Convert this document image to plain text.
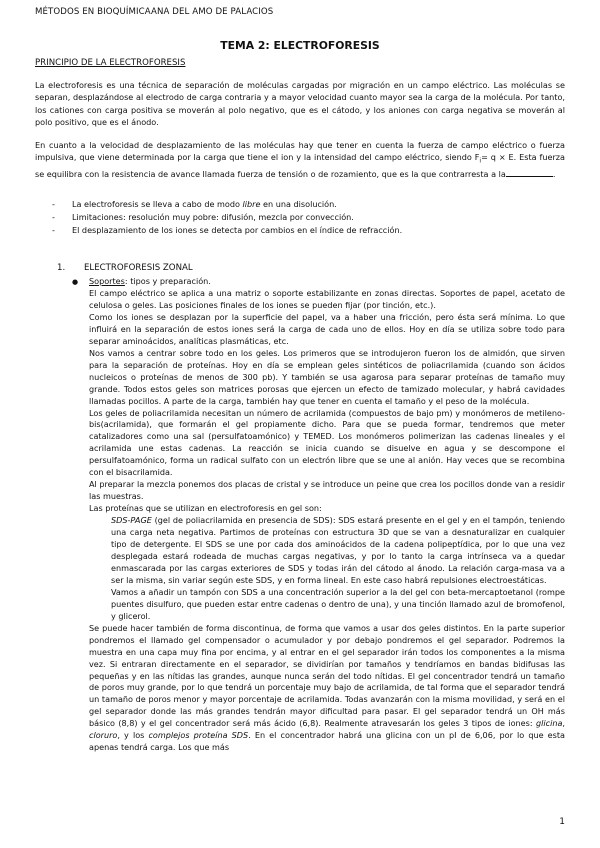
MÉTODOS EN BIOQUÍMICAANA DEL AMO DE PALACIOS
TEMA 2: ELECTROFORESIS
PRINCIPIO DE LA ELECTROFORESIS

La electroforesis es una técnica de separación de moléculas cargadas por migración en un campo eléctrico. Las moléculas se separan, desplazándose al electrodo de carga contraria y a mayor velocidad cuanto mayor sea la carga de la molécula. Por tanto, los cationes con carga positiva se moverán al polo negativo, que es el cátodo, y los aniones con carga negativa se moverán al polo positivo, que es el ánodo.

En cuanto a la velocidad de desplazamiento de las moléculas hay que tener en cuenta la fuerza de campo eléctrico o fuerza impulsiva, que viene determinada por la carga que tiene el ion y la intensidad del campo eléctrico, siendo $F_i= q \times E$. Esta fuerza se equilibra con la resistencia de avance llamada fuerza de tensión o de rozamiento, que es la que contrarresta a la	.

- La electroforesis se lleva a cabo de modo libre en una disolución.
- Limitaciones: resolución muy pobre: difusión, mezcla por convección.
- El desplazamiento de los iones se detecta por cambios en el índice de refracción.
1. ELECTROFORESIS ZONAL
● Soportes: tipos y preparación.

El campo eléctrico se aplica a una matriz o soporte estabilizante en zonas directas. Soportes de papel, acetato de celulosa o geles. Las posiciones finales de los iones se pueden fijar (por tinción, etc.).

Como los iones se desplazan por la superficie del papel, va a haber una fricción, pero ésta será mínima. Lo que influirá en la separación de estos iones será la carga de cada uno de ellos. Hoy en día se utiliza sobre todo para separar aminoácidos, analíticas plasmáticas, etc.

Nos vamos a centrar sobre todo en los geles. Los primeros que se introdujeron fueron los de almidón, que sirven para la separación de proteínas. Hoy en día se emplean geles sintéticos de poliacrilamida (cuando son ácidos nucleicos o proteínas de menos de 300 pb). Y también se usa agarosa para separar proteínas de tamaño muy grande. Todos estos geles son matrices porosas que ejercen un efecto de tamizado molecular, y habrá cavidades llamadas pocillos. A parte de la carga, también hay que tener en cuenta el tamaño y el peso de la molécula.

Los geles de poliacrilamida necesitan un número de acrilamida (compuestos de bajo pm) y monómeros de metileno-bis(acrilamida), que formarán el gel propiamente dicho. Para que se pueda formar, tendremos que meter catalizadores como una sal (persulfatoamónico) y TEMED. Los monómeros polimerizan las cadenas lineales y el acrilamida une estas cadenas. La reacción se inicia cuando se disuelve en agua y se descompone el persulfatoamónico, forma un radical sulfato con un electrón libre que se une al anión. Hay veces que se recombina con el bisacrilamida.

Al preparar la mezcla ponemos dos placas de cristal y se introduce un peine que crea los pocillos donde van a residir las muestras.

Las proteínas que se utilizan en electroforesis en gel son:

SDS-PAGE (gel de poliacrilamida en presencia de SDS): SDS estará presente en el gel y en el tampón, teniendo una carga neta negativa. Partimos de proteínas con estructura 3D que se van a desnaturalizar en cualquier tipo de detergente. El SDS se une por cada dos aminoácidos de la cadena polipeptídica, por lo que una vez desplegada estará rodeada de muchas cargas negativas, y por lo tanto la carga intrínseca va a quedar enmascarada por las cargas exteriores de SDS y todas irán del cátodo al ánodo. La relación carga-masa va a ser la misma, sin variar según este SDS, y en forma lineal. En este caso habrá repulsiones electroestáticas.

Vamos a añadir un tampón con SDS a una concentración superior a la del gel con beta-mercaptoetanol (rompe puentes disulfuro, que pueden estar entre cadenas o dentro de una), y una tinción llamado azul de bromofenol, y glicerol.

Se puede hacer también de forma discontinua, de forma que vamos a usar dos geles distintos. En la parte superior pondremos el llamado gel compensador o acumulador y por debajo pondremos el gel separador. Podremos la muestra en una capa muy fina por encima, y al entrar en el gel separador irán todos los componentes a la misma vez. Si entraran directamente en el separador, se dividirían por tamaños y tendríamos en bandas bidifusas las pequeñas y en las nítidas las grandes, aunque nunca serán del todo nítidas. El gel concentrador tendrá un tamaño de poros muy grande, por lo que tendrá un porcentaje muy bajo de acrilamida, de tal forma que el separador tendrá un tamaño de poros menor y mayor porcentaje de acrilamida. Todas avanzarán con la misma movilidad, y será en el gel separador donde las más grandes tendrán mayor dificultad para pasar. El gel separador tendrá un OH más básico (8,8) y el gel concentrador será más ácido (6,8). Realmente atravesarán los geles 3 tipos de iones: glicina, cloruro, y los complejos proteína SDS. En el concentrador habrá una glicina con un pI de 6,06, por lo que esta apenas tendrá carga. Los que más

1
